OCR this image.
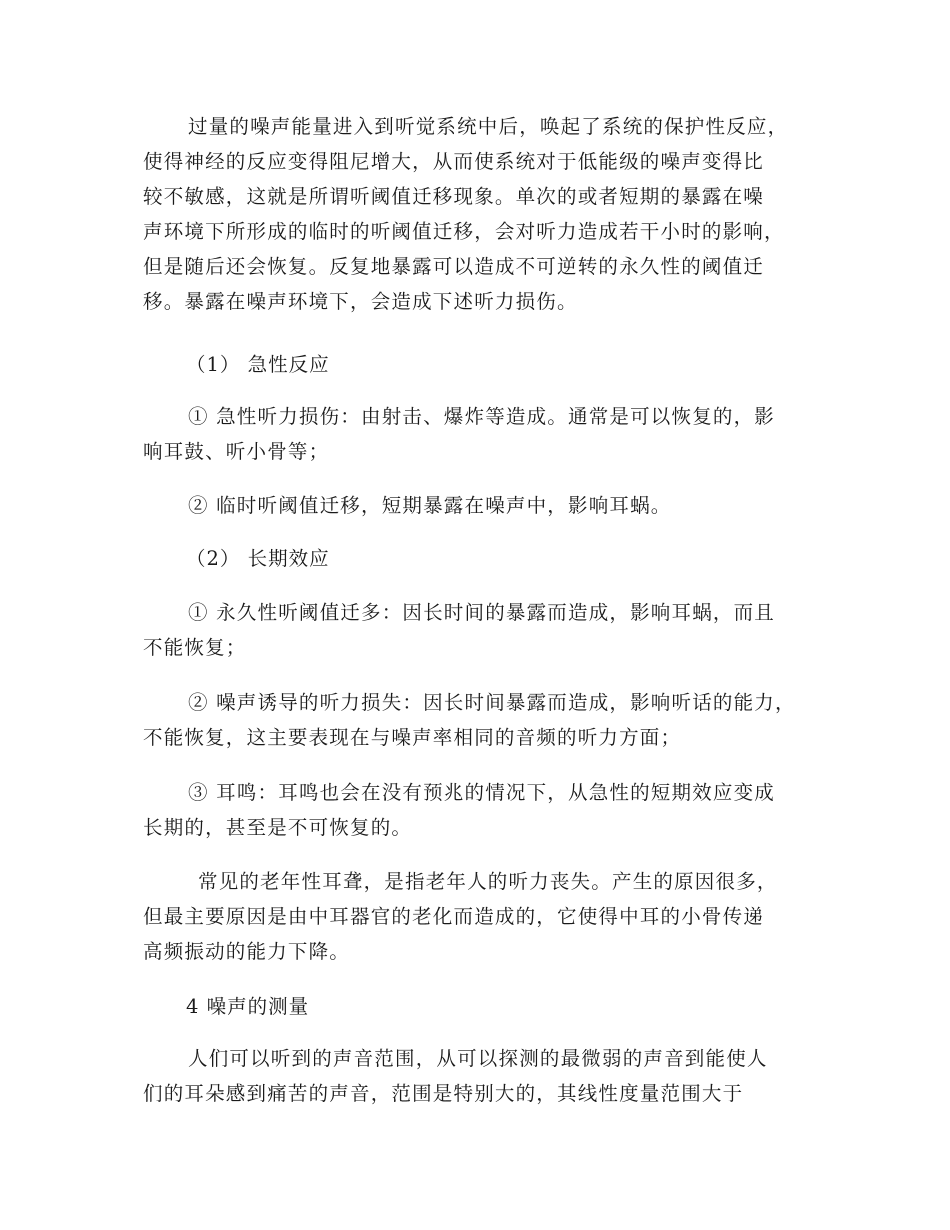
过量的噪声能量进入到听觉系统中后，唤起了系统的保护性反应，
使得神经的反应变得阻尼增大，从而使系统对于低能级的噪声变得比
较不敏感，这就是所谓听阈值迁移现象。单次的或者短期的暴露在噪
声环境下所形成的临时的听阈值迁移，会对听力造成若干小时的影响，
但是随后还会恢复。反复地暴露可以造成不可逆转的永久性的阈值迁
移。暴露在噪声环境下，会造成下述听力损伤。
（1） 急性反应
① 急性听力损伤：由射击、爆炸等造成。通常是可以恢复的，影
响耳鼓、听小骨等；
② 临时听阈值迁移，短期暴露在噪声中，影响耳蜗。
（2） 长期效应
① 永久性听阈值迁多：因长时间的暴露而造成，影响耳蜗，而且
不能恢复；
② 噪声诱导的听力损失：因长时间暴露而造成，影响听话的能力，
不能恢复，这主要表现在与噪声率相同的音频的听力方面；
③ 耳鸣：耳鸣也会在没有预兆的情况下，从急性的短期效应变成
长期的，甚至是不可恢复的。
常见的老年性耳聋，是指老年人的听力丧失。产生的原因很多，
但最主要原因是由中耳器官的老化而造成的，它使得中耳的小骨传递
高频振动的能力下降。
4 噪声的测量
人们可以听到的声音范围，从可以探测的最微弱的声音到能使人
们的耳朵感到痛苦的声音，范围是特别大的，其线性度量范围大于
